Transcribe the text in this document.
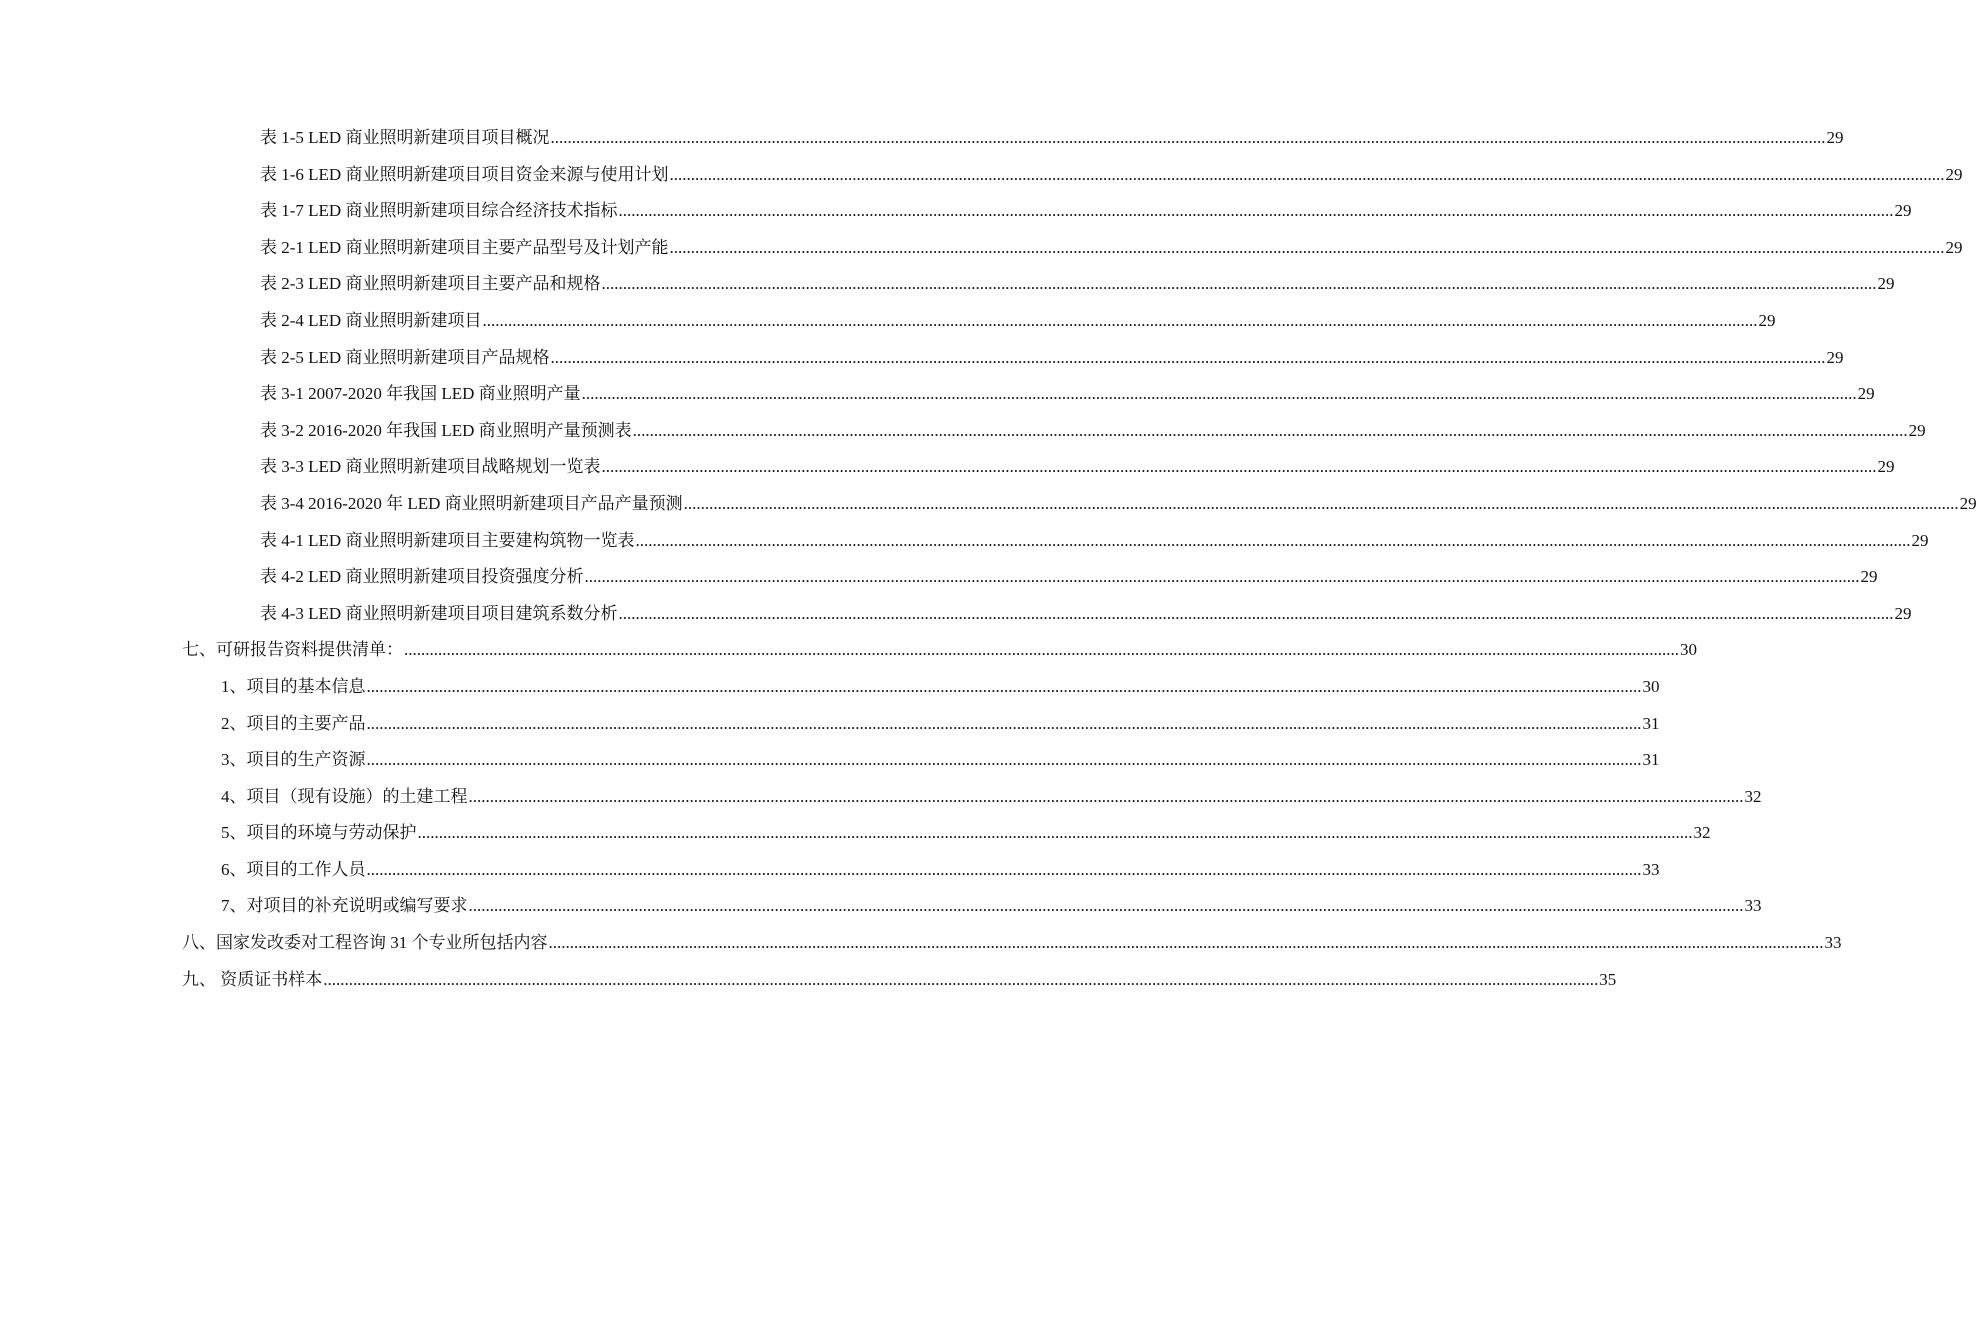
表 1-5 LED 商业照明新建项目项目概况 ............................................................................................................................................................................................................................................................................................................ 29
表 1-6 LED 商业照明新建项目项目资金来源与使用计划 ............................................................................................................................................................................................................................................................................................................ 29
表 1-7 LED 商业照明新建项目综合经济技术指标 ............................................................................................................................................................................................................................................................................................................ 29
表 2-1 LED 商业照明新建项目主要产品型号及计划产能 ............................................................................................................................................................................................................................................................................................................ 29
表 2-3 LED 商业照明新建项目主要产品和规格 ............................................................................................................................................................................................................................................................................................................ 29
表 2-4 LED 商业照明新建项目 ............................................................................................................................................................................................................................................................................................................ 29
表 2-5 LED 商业照明新建项目产品规格 ............................................................................................................................................................................................................................................................................................................ 29
表 3-1 2007-2020 年我国 LED 商业照明产量 ............................................................................................................................................................................................................................................................................................................ 29
表 3-2 2016-2020 年我国 LED 商业照明产量预测表 ............................................................................................................................................................................................................................................................................................................ 29
表 3-3 LED 商业照明新建项目战略规划一览表 ............................................................................................................................................................................................................................................................................................................ 29
表 3-4 2016-2020 年 LED 商业照明新建项目产品产量预测 ............................................................................................................................................................................................................................................................................................................ 29
表 4-1 LED 商业照明新建项目主要建构筑物一览表 ............................................................................................................................................................................................................................................................................................................ 29
表 4-2 LED 商业照明新建项目投资强度分析 ............................................................................................................................................................................................................................................................................................................ 29
表 4-3 LED 商业照明新建项目项目建筑系数分析 ............................................................................................................................................................................................................................................................................................................ 29
七、可研报告资料提供清单： ............................................................................................................................................................................................................................................................................................................ 30
1、项目的基本信息 ............................................................................................................................................................................................................................................................................................................ 30
2、项目的主要产品 ............................................................................................................................................................................................................................................................................................................ 31
3、项目的生产资源 ............................................................................................................................................................................................................................................................................................................ 31
4、项目（现有设施）的土建工程 ............................................................................................................................................................................................................................................................................................................ 32
5、项目的环境与劳动保护 ............................................................................................................................................................................................................................................................................................................ 32
6、项目的工作人员 ............................................................................................................................................................................................................................................................................................................ 33
7、对项目的补充说明或编写要求 ............................................................................................................................................................................................................................................................................................................ 33
八、国家发改委对工程咨询 31 个专业所包括内容 ............................................................................................................................................................................................................................................................................................................ 33
九、 资质证书样本 ............................................................................................................................................................................................................................................................................................................ 35
